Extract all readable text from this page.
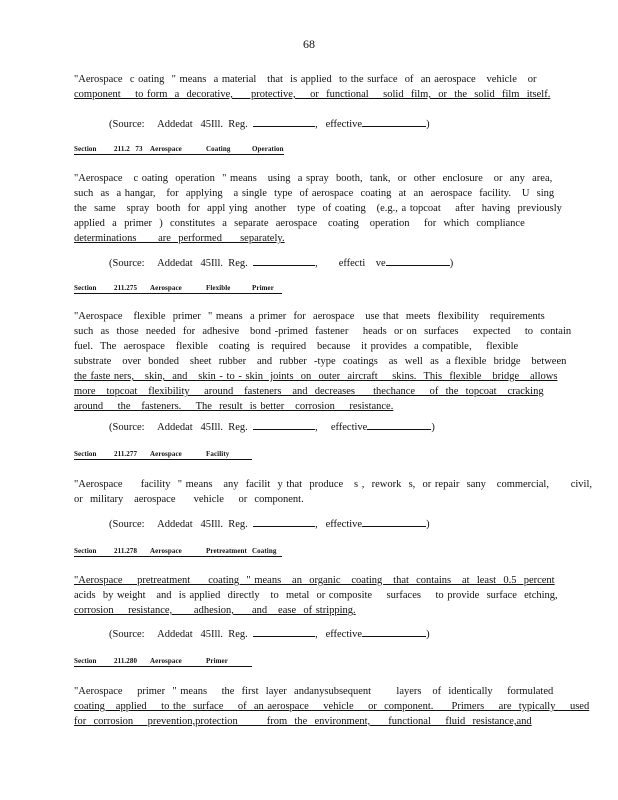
68
"Aerospace  c oating  " means  a material   that  is applied  to the surface  of  an aerospace   vehicle   or
component    to form  a  decorative,     protective,    or  functional    solid  film,  or  the  solid  film  itself.
(Source:     Addedat   45Ill.  Reg.	,   effective	)
Section	211.2   73 Aerospace	Coating	Operation
"Aerospace   c oating  operation  " means   using  a spray  booth,  tank,  or  other  enclosure   or  any  area,
such  as  a hangar,   for  applying   a single  type  of aerospace  coating  at  an  aerospace  facility.   U  sing
the  same   spray  booth  for  appl ying  another   type  of coating   (e.g., a topcoat    after  having  previously
applied  a  primer  )  constitutes  a  separate  aerospace   coating   operation    for  which  compliance
determinations      are  performed     separately.
(Source:     Addedat   45Ill.  Reg.	,        effecti    ve	)
Section	211.275 Aerospace	Flexible	Primer
"Aerospace   flexible  primer  " means  a primer  for  aerospace   use that  meets  flexibility   requirements
such  as  those  needed  for  adhesive   bond -primed  fastener    heads  or on  surfaces    expected    to  contain
fuel.  The  aerospace   flexible   coating  is  required   because   it provides  a compatible,    flexible
substrate   over  bonded   sheet  rubber   and  rubber  -type  coatings   as  well  as  a flexible  bridge   between
the faste ners,   skin,  and   skin - to - skin  joints  on  outer  aircraft    skins.  This  flexible   bridge   allows
more   topcoat   flexibility    around   fasteners   and  decreases     thechance    of  the  topcoat   cracking
around    the   fasteners.    The  result  is better   corrosion    resistance.
(Source:     Addedat   45Ill.  Reg.	,     effective	)
Section	211.277 Aerospace	Facility
"Aerospace     facility  " means   any  facilit  y that  produce   s ,  rework  s,  or repair  sany   commercial,      civil,
or  military   aerospace     vehicle    or  component.
(Source:     Addedat   45Ill.  Reg.	,   effective	)
Section	211.278 Aerospace	Pretreatment Coating
"Aerospace    pretreatment     coating  " means   an  organic   coating   that  contains   at  least  0.5  percent
acids  by weight   and  is applied  directly   to  metal  or composite    surfaces    to provide  surface  etching,
corrosion    resistance,      adhesion,     and   ease  of stripping.
(Source:     Addedat   45Ill.  Reg.	,   effective	)
Section	211.280 Aerospace	Primer
"Aerospace    primer  " means    the  first  layer  andanysubsequent       layers   of  identically    formulated
coating   applied    to the  surface    of  an aerospace    vehicle    or  component.     Primers    are  typically    used
for  corrosion    prevention,protection        from  the  environment,     functional    fluid  resistance,and
